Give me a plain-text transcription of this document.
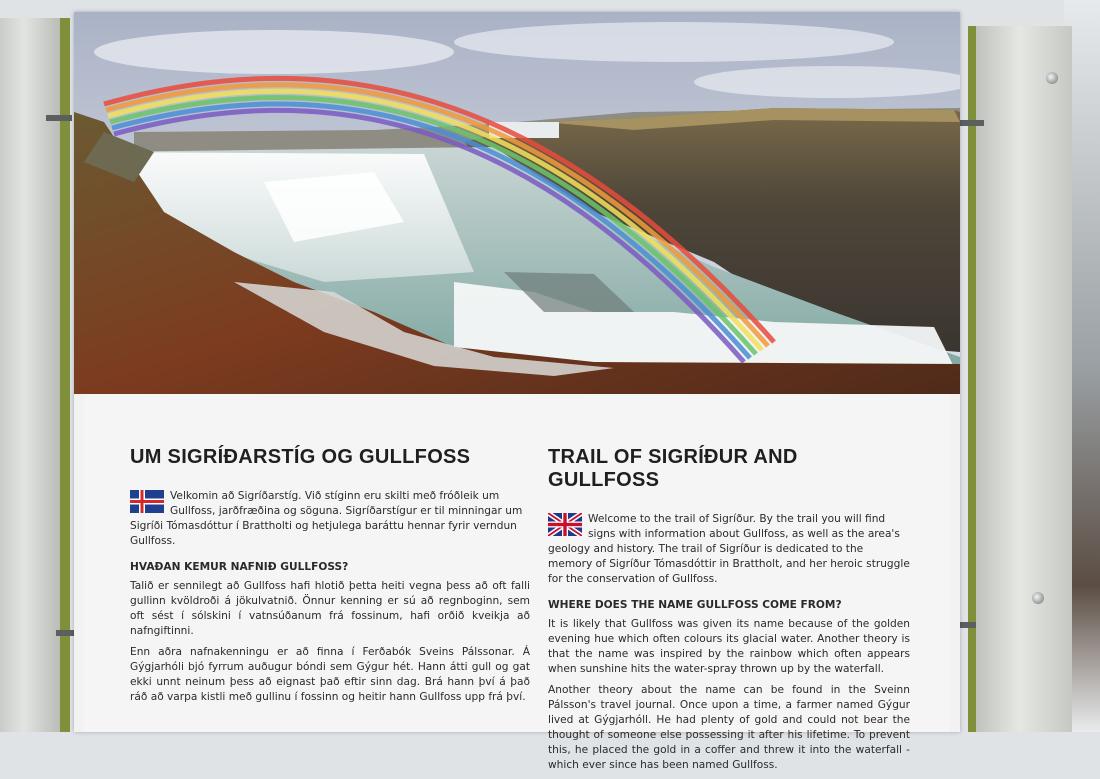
UM SIGRÍÐARSTÍG OG GULLFOSS
Velkomin að Sigríðarstíg. Við stíginn eru skilti með fróðleik um Gullfoss, jarðfræðina og söguna. Sigríðarstígur er til minningar um Sigríði Tómasdóttur í Brattholti og hetjulega baráttu hennar fyrir verndun Gullfoss.
HVAÐAN KEMUR NAFNIÐ GULLFOSS?

Talið er sennilegt að Gullfoss hafi hlotið þetta heiti vegna þess að oft falli gullinn kvöldroði á jökulvatnið. Önnur kenning er sú að regnboginn, sem oft sést í sólskini í vatnsúðanum frá fossinum, hafi orðið kveikja að nafngiftinni.

Enn aðra nafnakenningu er að finna í Ferðabók Sveins Pálssonar. Á Gýgjarhóli bjó fyrrum auðugur bóndi sem Gýgur hét. Hann átti gull og gat ekki unnt neinum þess að eignast það eftir sinn dag. Brá hann því á það ráð að varpa kistli með gullinu í fossinn og heitir hann Gullfoss upp frá því.

TRAIL OF SIGRÍÐUR AND GULLFOSS
Welcome to the trail of Sigríður. By the trail you will find signs with information about Gullfoss, as well as the area's geology and history. The trail of Sigríður is dedicated to the memory of Sigríður Tómasdóttir in Brattholt, and her heroic struggle for the conservation of Gullfoss.
WHERE DOES THE NAME GULLFOSS COME FROM?

It is likely that Gullfoss was given its name because of the golden evening hue which often colours its glacial water. Another theory is that the name was inspired by the rainbow which often appears when sunshine hits the water-spray thrown up by the waterfall.

Another theory about the name can be found in the Sveinn Pálsson's travel journal. Once upon a time, a farmer named Gýgur lived at Gýgjarhóll. He had plenty of gold and could not bear the thought of someone else possessing it after his lifetime. To prevent this, he placed the gold in a coffer and threw it into the waterfall - which ever since has been named Gullfoss.
